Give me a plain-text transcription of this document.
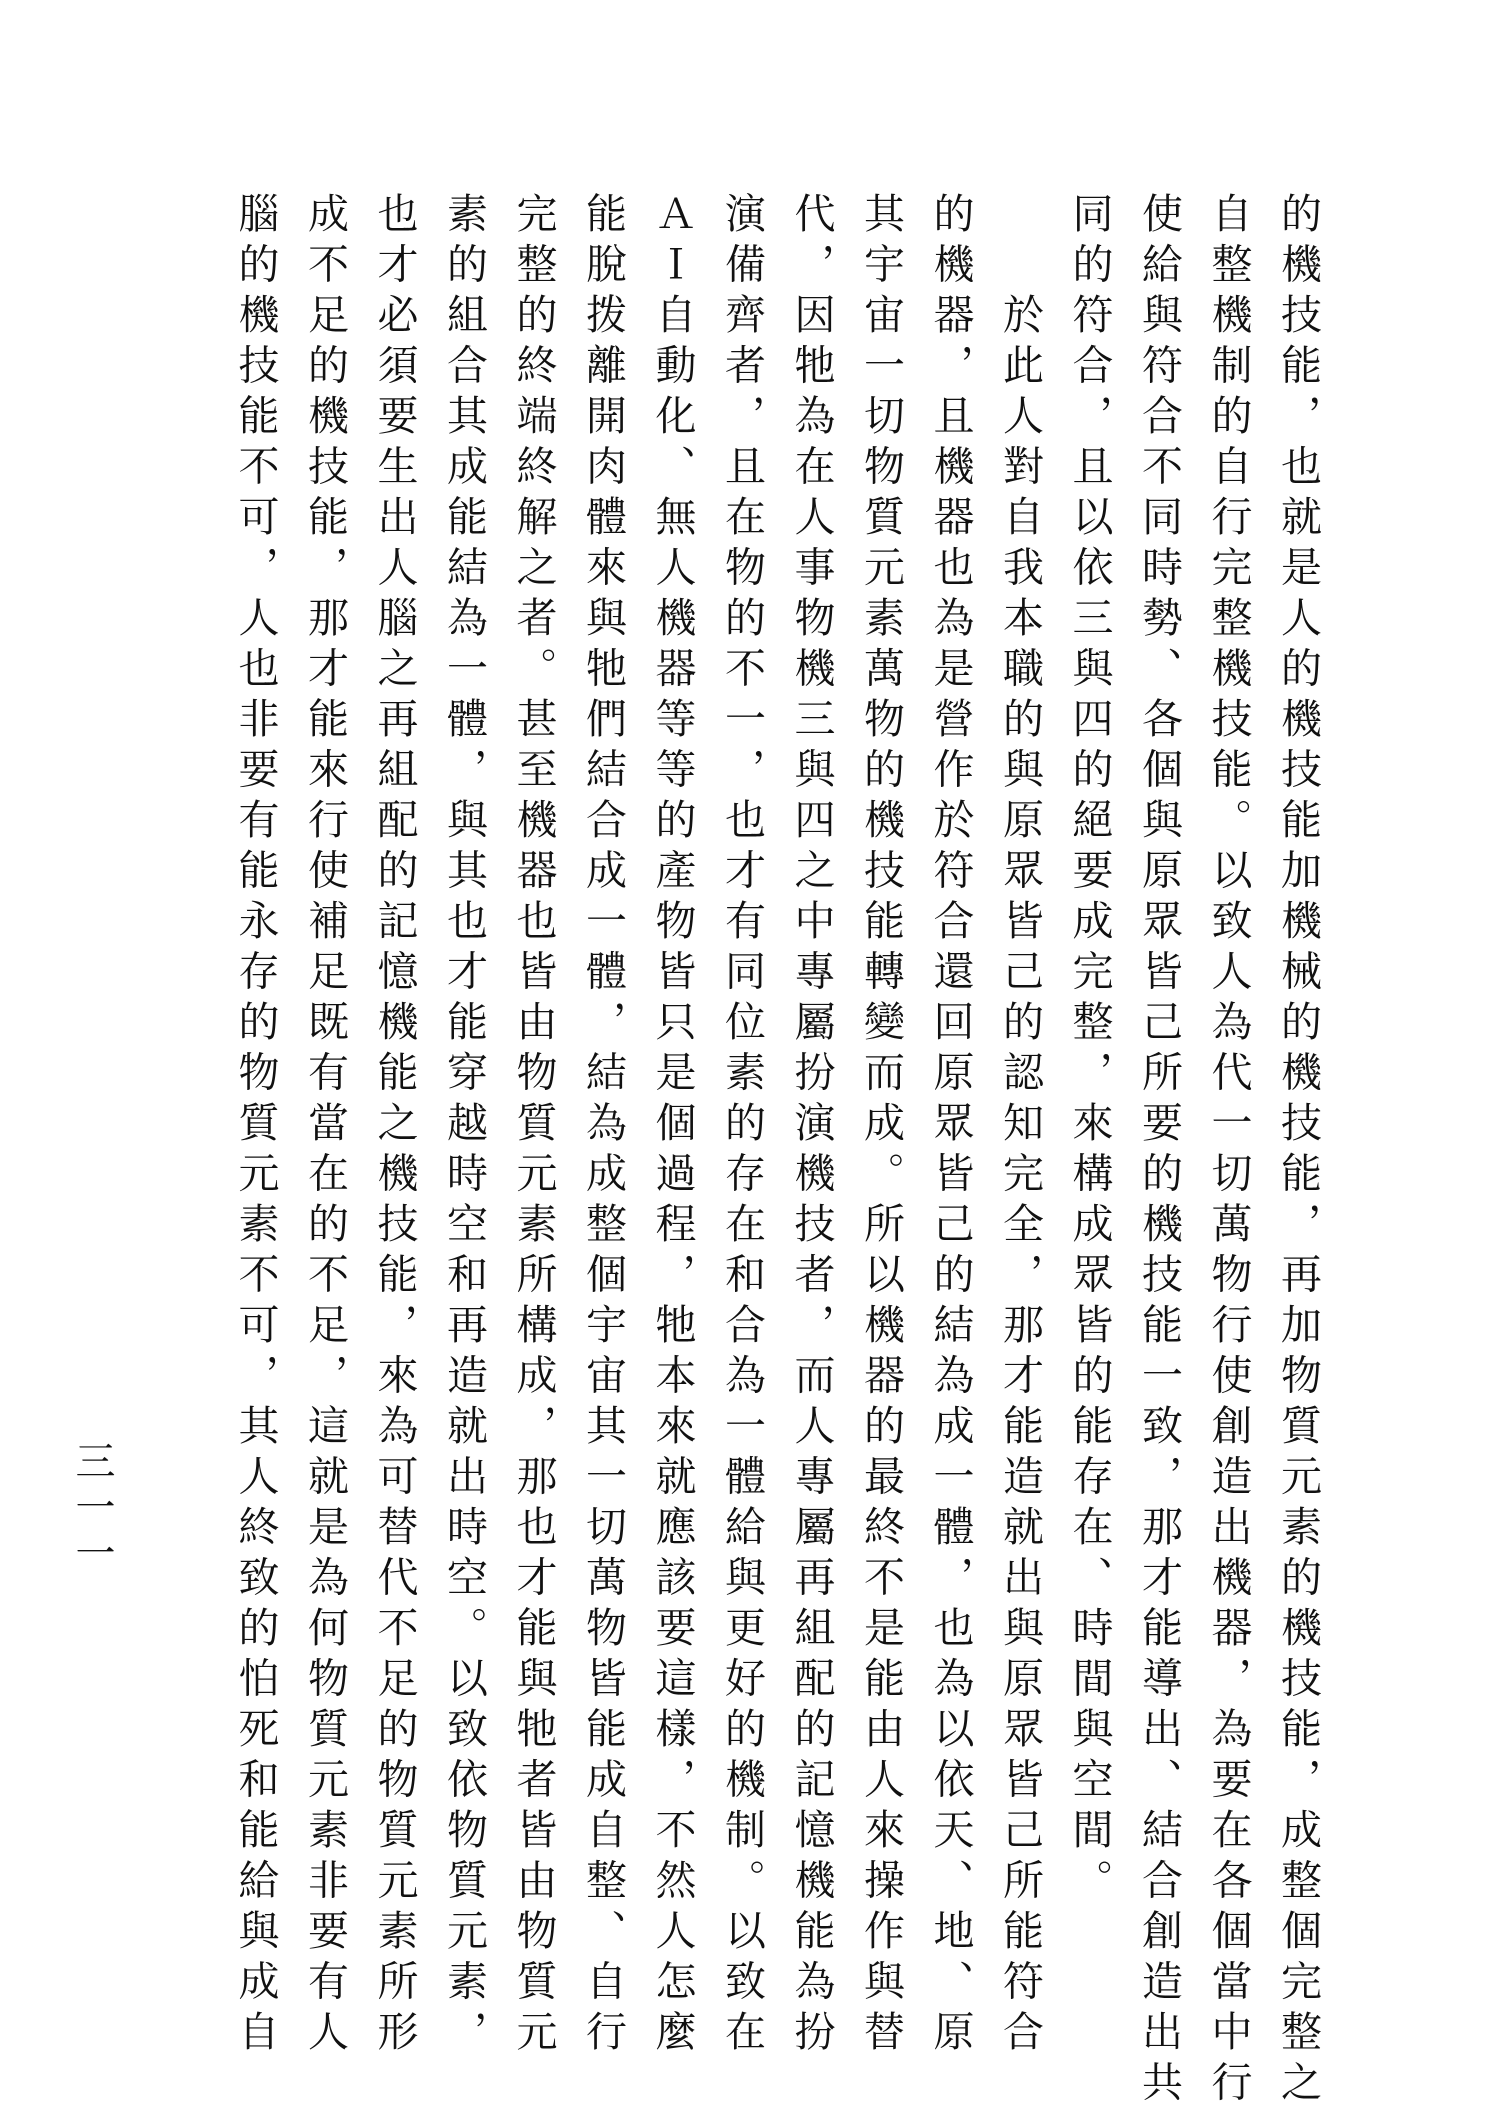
的機技能，也就是人的機技能加機械的機技能，再加物質元素的機技能，成整個完整之

自整機制的自行完整機技能。以致人為代一切萬物行使創造出機器，為要在各個當中行

使給與符合不同時勢、各個與原眾皆己所要的機技能一致，那才能導出、結合創造出共

同的符合，且以依三與四的絕要成完整，來構成眾皆的能存在、時間與空間。

　　於此人對自我本職的與原眾皆己的認知完全，那才能造就出與原眾皆己所能符合

的機器，且機器也為是營作於符合還回原眾皆己的結為成一體，也為以依天、地、原

其宇宙一切物質元素萬物的機技能轉變而成。所以機器的最終不是能由人來操作與替

代，因牠為在人事物機三與四之中專屬扮演機技者，而人專屬再組配的記憶機能為扮

演備齊者，且在物的不一，也才有同位素的存在和合為一體給與更好的機制。以致在

ＡＩ自動化、無人機器等等的產物皆只是個過程，牠本來就應該要這樣，不然人怎麼

能脫拨離開肉體來與牠們結合成一體，結為成整個宇宙其一切萬物皆能成自整、自行

完整的終端終解之者。甚至機器也皆由物質元素所構成，那也才能與牠者皆由物質元

素的組合其成能結為一體，與其也才能穿越時空和再造就出時空。以致依物質元素，

也才必須要生出人腦之再組配的記憶機能之機技能，來為可替代不足的物質元素所形

成不足的機技能，那才能來行使補足既有當在的不足，這就是為何物質元素非要有人

腦的機技能不可，人也非要有能永存的物質元素不可，其人終致的怕死和能給與成自

三一一
